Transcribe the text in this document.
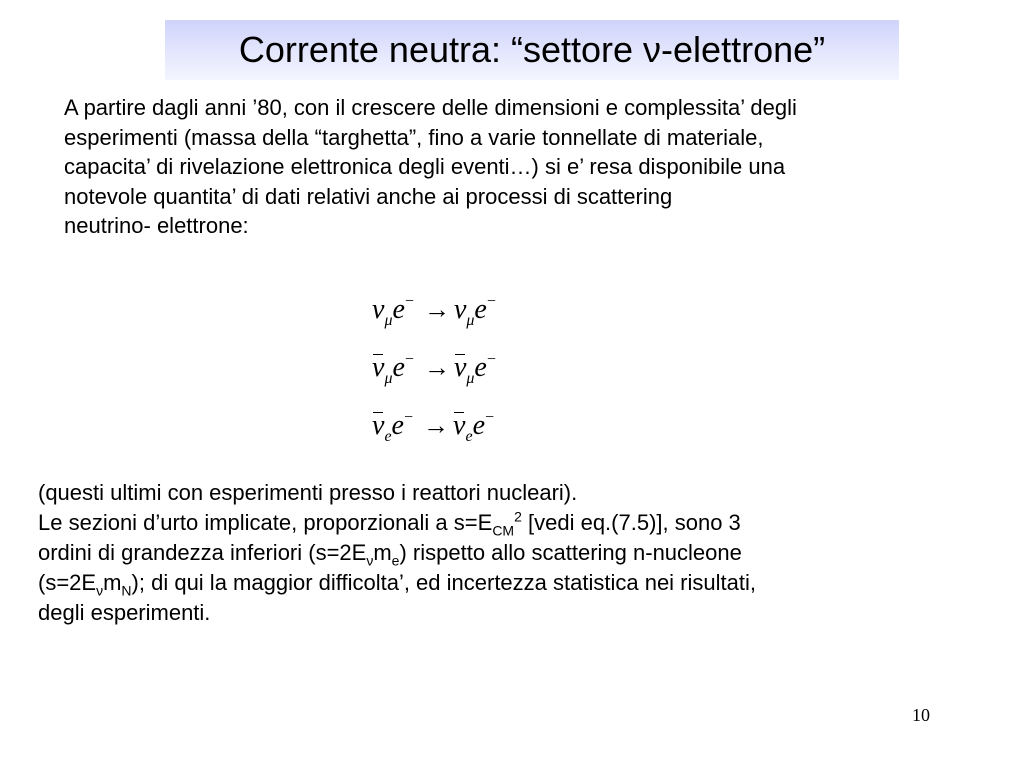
Corrente neutra: “settore ν-elettrone”
A partire dagli anni ’80, con il crescere delle dimensioni e complessita’ degli
esperimenti (massa della “targhetta”, fino a varie tonnellate di materiale,
capacita’ di rivelazione elettronica degli eventi…) si e’ resa disponibile una
notevole quantita’ di dati relativi anche ai processi di scattering
neutrino- elettrone:
$\nu_\mu e^- \to \nu_\mu e^-$
$\nu_\mu e^- \to \nu_\mu e^-$
$\nu_ee^- \to \nu_ee^-$
(questi ultimi con esperimenti presso i reattori nucleari).
Le sezioni d’urto implicate, proporzionali a $s=E_{CM}^2$ [vedi eq.(7.5)], sono 3
ordini di grandezza inferiori $(s=2E_\nu m_e)$ rispetto allo scattering n-nucleone
$(s=2E_\nu m_N)$; di qui la maggior difficolta’, ed incertezza statistica nei risultati,
degli esperimenti.
10
